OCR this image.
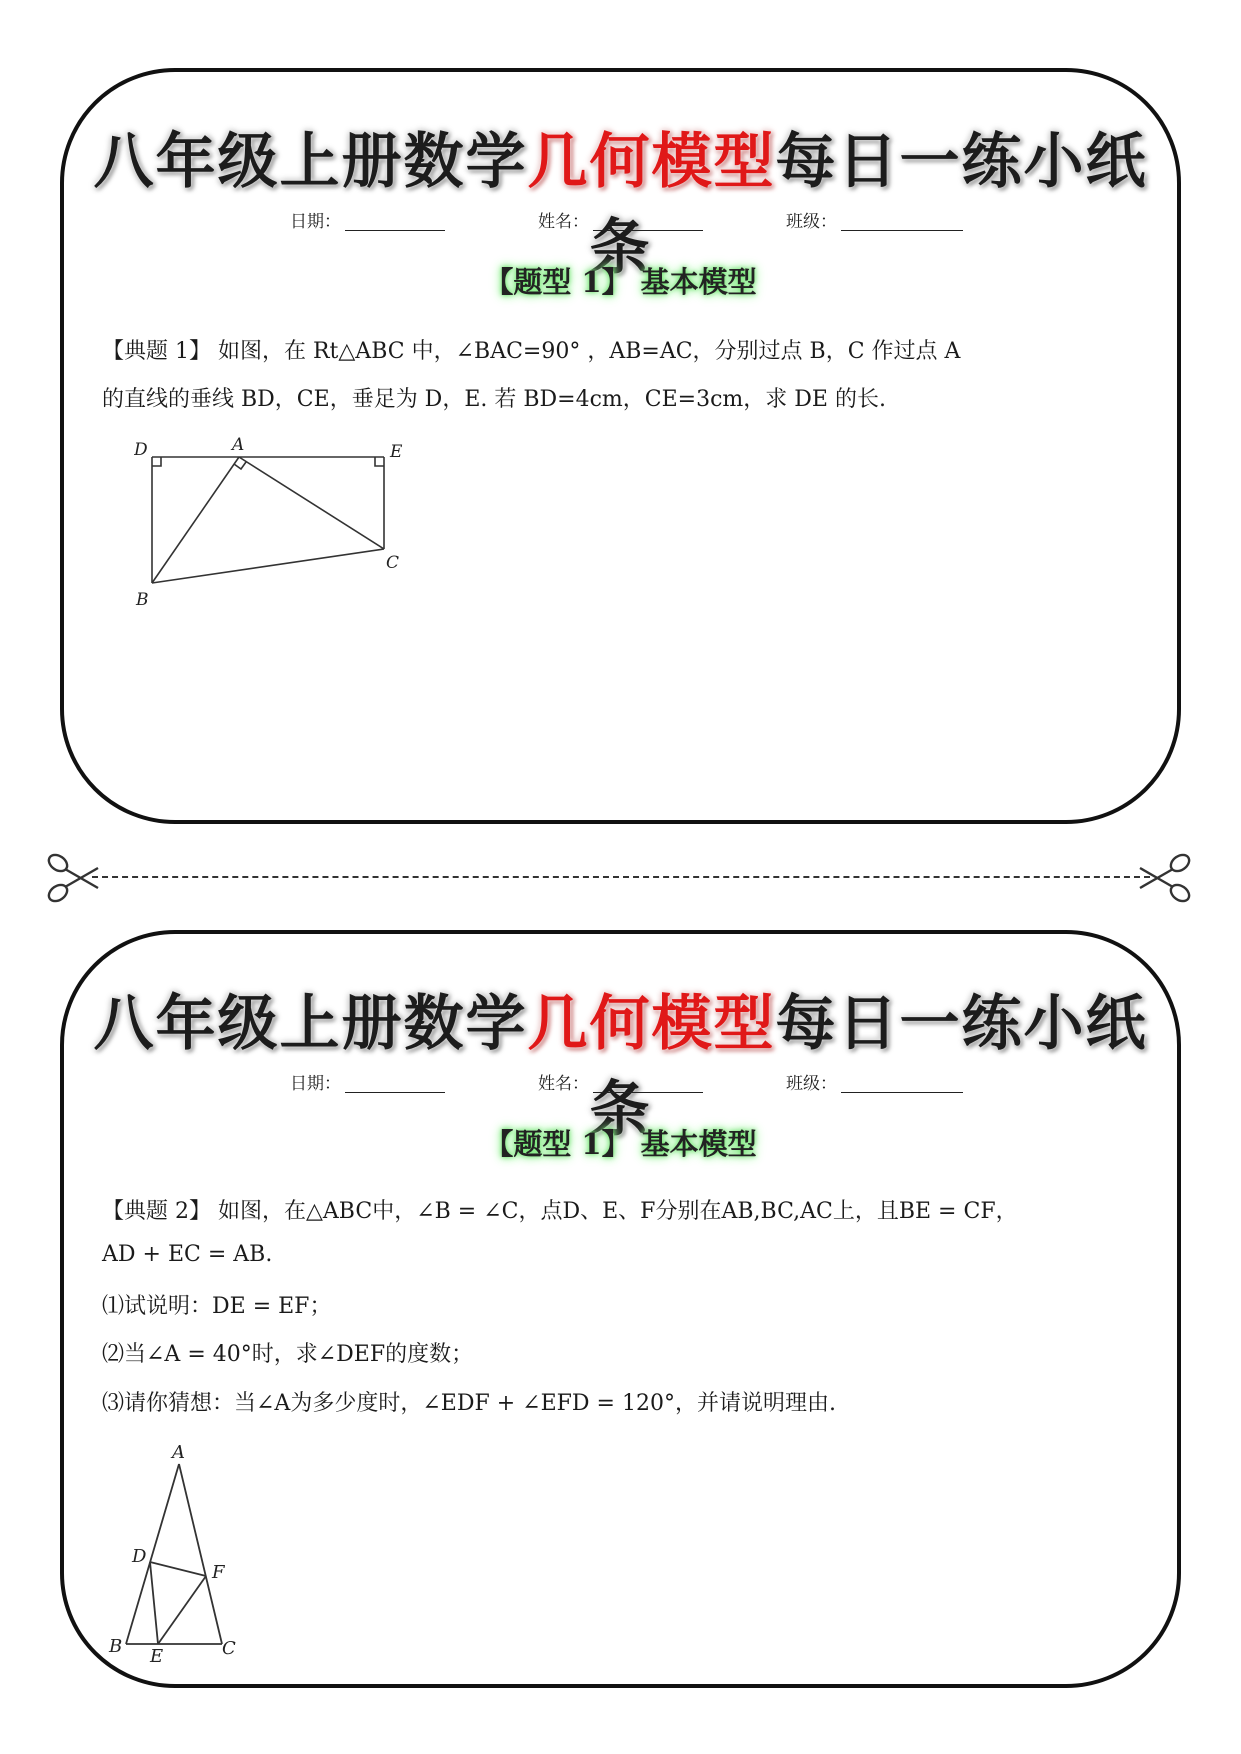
八年级上册数学几何模型每日一练小纸条
日期：	姓名：	班级：
【题型 1】 基本模型
【典题 1】 如图，在 Rt△ABC 中，∠BAC=90° ，AB=AC，分别过点 B，C 作过点 A
的直线的垂线 BD，CE，垂足为 D，E. 若 BD=4cm，CE=3cm，求 DE 的长.
D	A	E
C
B
八年级上册数学几何模型每日一练小纸条
日期：	姓名：	班级：
【题型 1】 基本模型
【典题 2】 如图，在△ABC中，∠B = ∠C，点D、E、F分别在AB,BC,AC上，且BE = CF，
AD + EC = AB.
⑴试说明：DE = EF；
⑵当∠A = 40°时，求∠DEF的度数；
⑶请你猜想：当∠A为多少度时，∠EDF + ∠EFD = 120°，并请说明理由.
A
D
F
B E	C
